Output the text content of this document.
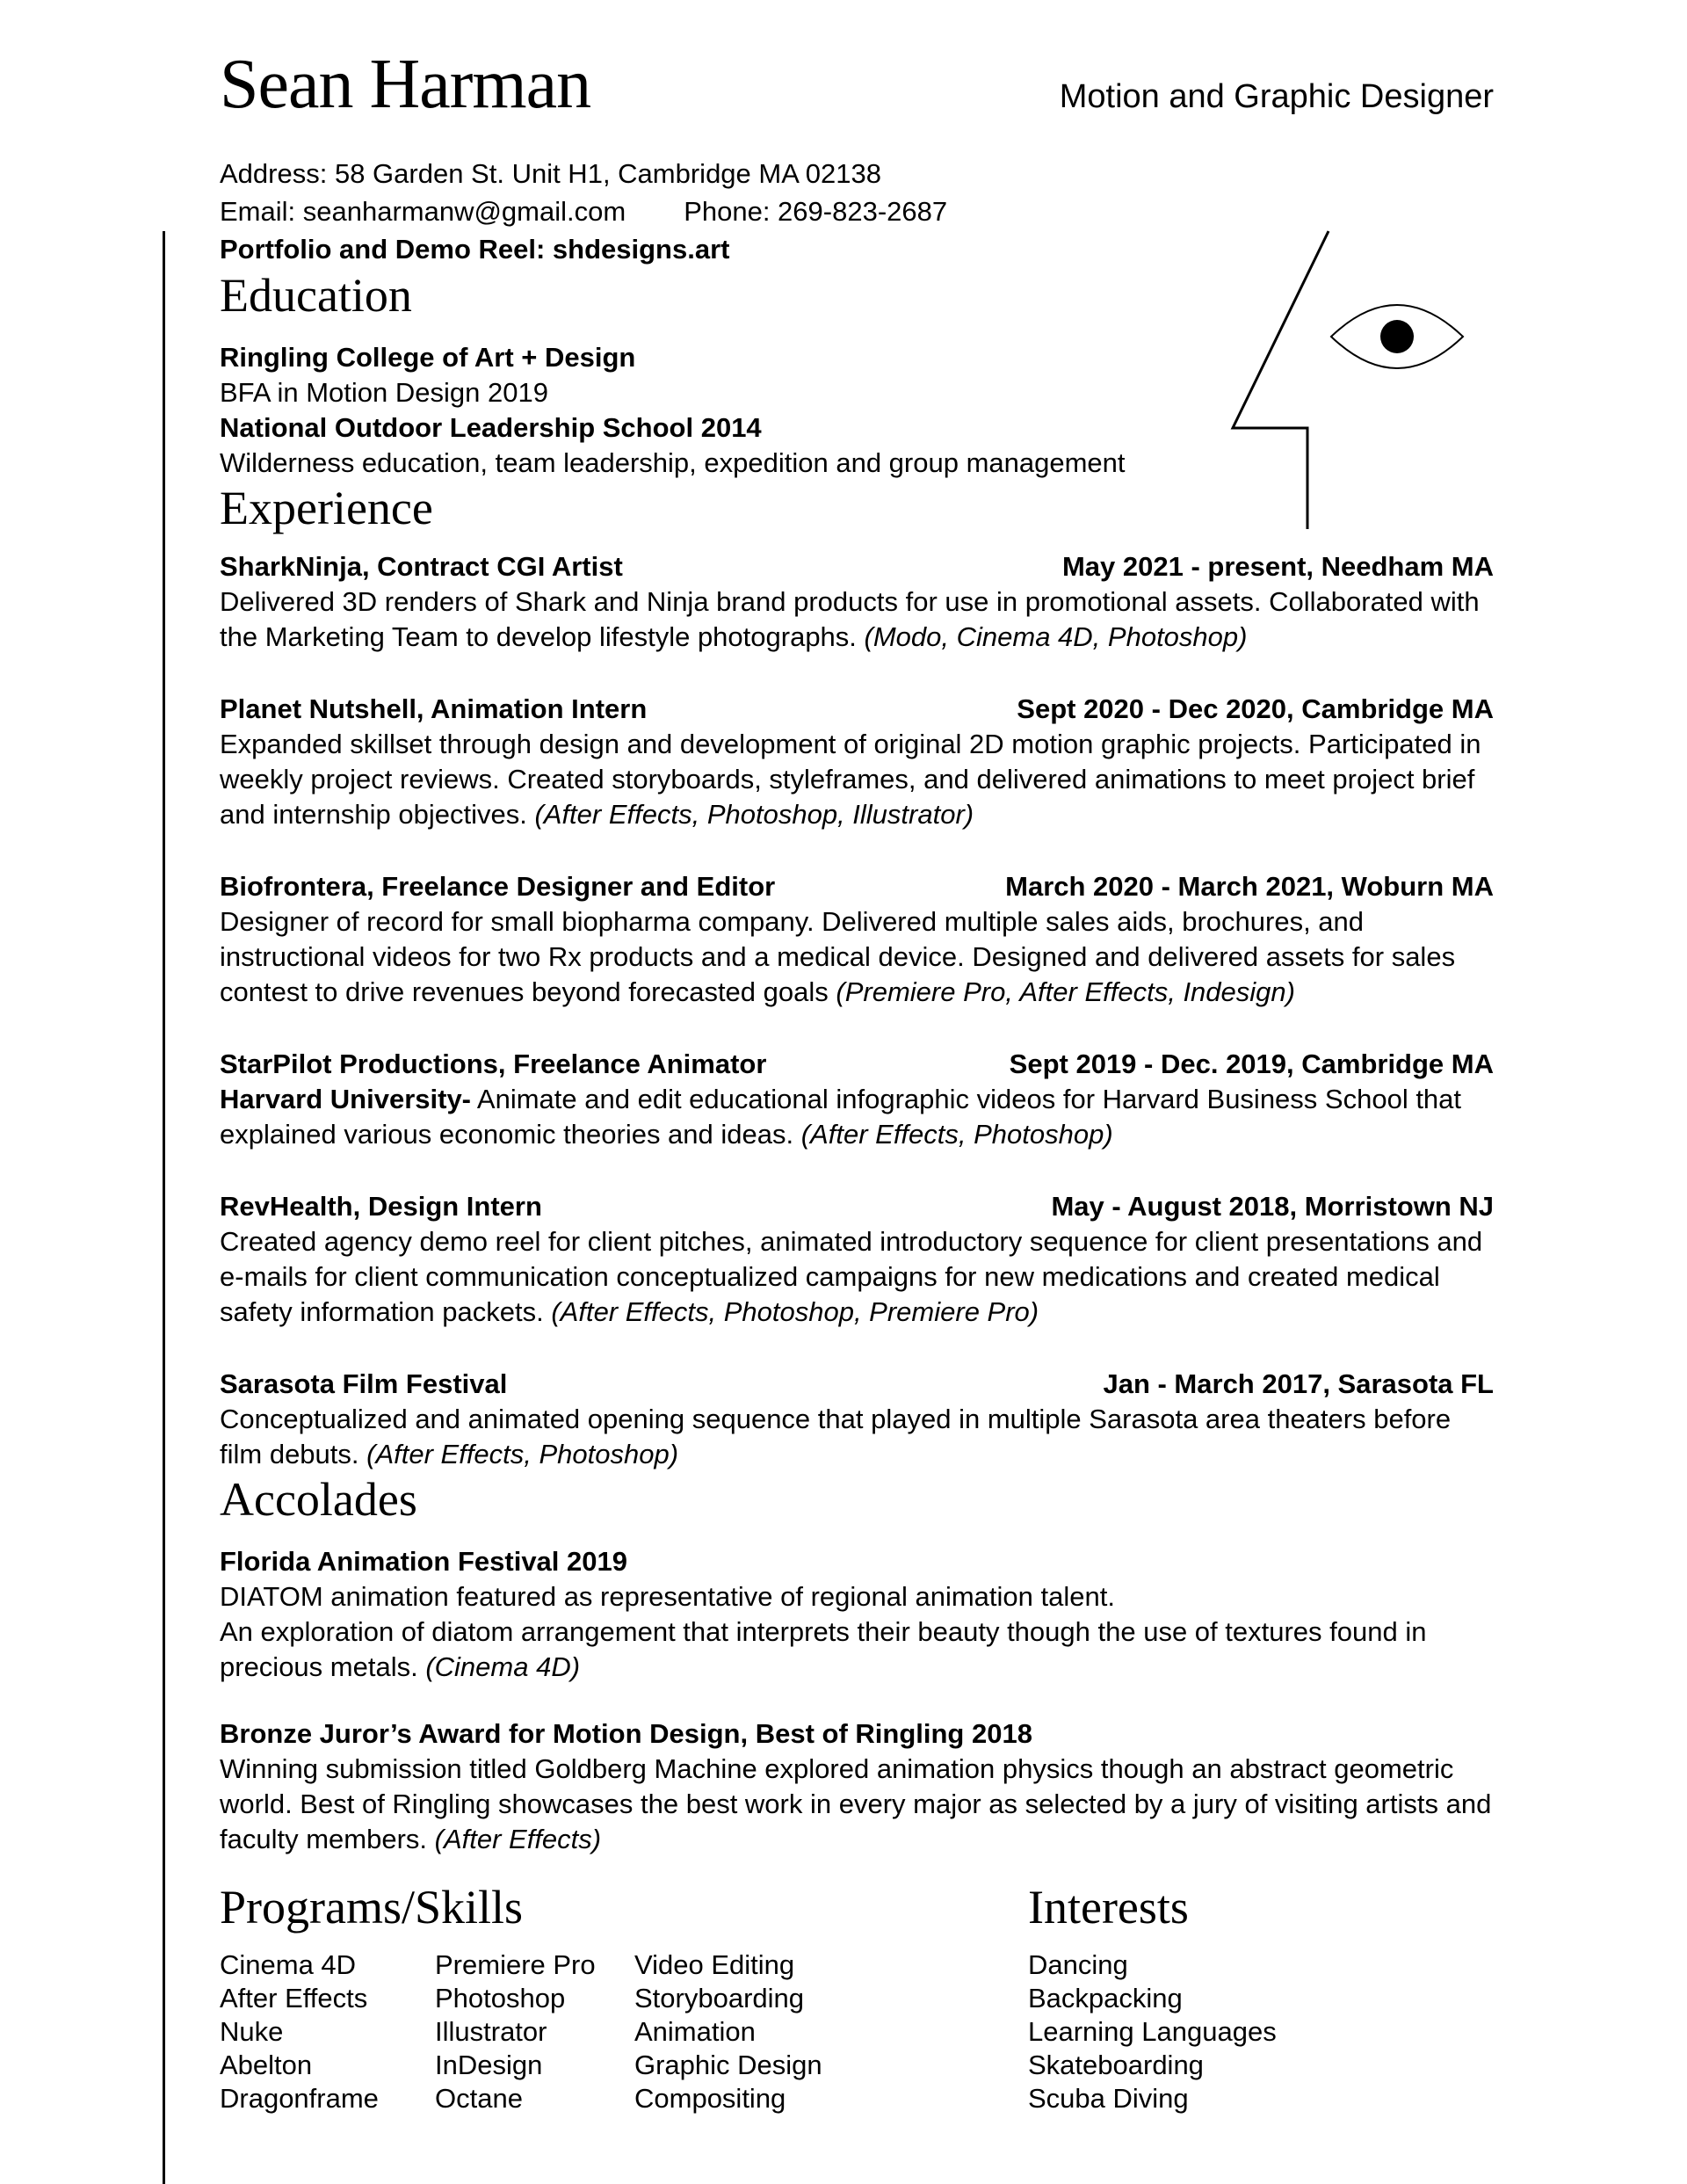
Sean Harman	Motion and Graphic Designer
Address: 58 Garden St. Unit H1, Cambridge MA 02138
Email: seanharmanw@gmail.com Phone: 269-823-2687
Portfolio and Demo Reel: shdesigns.art
Education
Ringling College of Art + Design
BFA in Motion Design 2019
National Outdoor Leadership School 2014
Wilderness education, team leadership, expedition and group management
Experience
SharkNinja, Contract CGI Artist	May 2021 - present, Needham MA

Delivered 3D renders of Shark and Ninja brand products for use in promotional assets. Collaborated with the Marketing Team to develop lifestyle photographs. (Modo, Cinema 4D, Photoshop)

Planet Nutshell, Animation Intern	Sept 2020 - Dec 2020, Cambridge MA

Expanded skillset through design and development of original 2D motion graphic projects. Participated in weekly project reviews. Created storyboards, styleframes, and delivered animations to meet project brief and internship objectives. (After Effects, Photoshop, Illustrator)

Biofrontera, Freelance Designer and Editor	March 2020 - March 2021, Woburn MA

Designer of record for small biopharma company. Delivered multiple sales aids, brochures, and instructional videos for two Rx products and a medical device. Designed and delivered assets for sales contest to drive revenues beyond forecasted goals (Premiere Pro, After Effects, Indesign)

StarPilot Productions, Freelance Animator	Sept 2019 - Dec. 2019, Cambridge MA

Harvard University- Animate and edit educational infographic videos for Harvard Business School that explained various economic theories and ideas. (After Effects, Photoshop)

RevHealth, Design Intern	May - August 2018, Morristown NJ

Created agency demo reel for client pitches, animated introductory sequence for client presentations and e-mails for client communication conceptualized campaigns for new medications and created medical safety information packets. (After Effects, Photoshop, Premiere Pro)

Sarasota Film Festival	Jan - March 2017, Sarasota FL

Conceptualized and animated opening sequence that played in multiple Sarasota area theaters before film debuts. (After Effects, Photoshop)

Accolades
Florida Animation Festival 2019
DIATOM animation featured as representative of regional animation talent.

An exploration of diatom arrangement that interprets their beauty though the use of textures found in precious metals. (Cinema 4D)

Bronze Juror’s Award for Motion Design, Best of Ringling 2018

Winning submission titled Goldberg Machine explored animation physics though an abstract geometric world. Best of Ringling showcases the best work in every major as selected by a jury of visiting artists and faculty members. (After Effects)

Programs/Skills	Interests
Cinema 4D	Premiere Pro	Video Editing	Dancing
After Effects	Photoshop	Storyboarding	Backpacking
Nuke	Illustrator	Animation	Learning Languages
Abelton	InDesign	Graphic Design	Skateboarding
Dragonframe	Octane	Compositing	Scuba Diving
